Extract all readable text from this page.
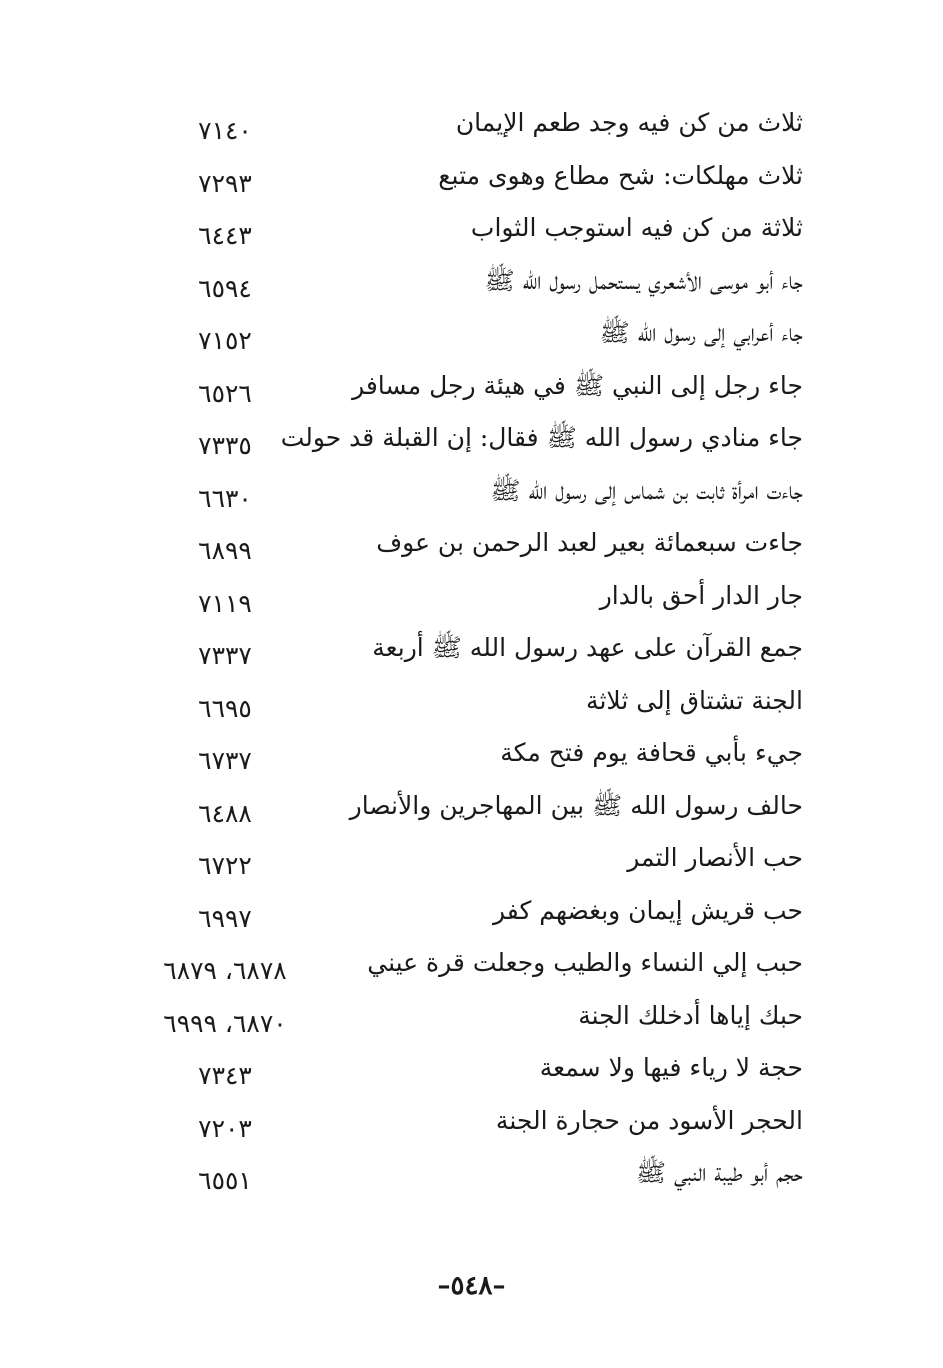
ثلاث من كن فيه وجد طعم الإيمان
٧١٤٠
ثلاث مهلكات: شح مطاع وهوى متبع
٧٢٩٣
ثلاثة من كن فيه استوجب الثواب
٦٤٤٣
جاء أبو موسى الأشعري يستحمل رسول الله ﷺ
٦٥٩٤
جاء أعرابي إلى رسول الله ﷺ
٧١٥٢
جاء رجل إلى النبي ﷺ في هيئة رجل مسافر
٦٥٢٦
جاء منادي رسول الله ﷺ فقال: إن القبلة قد حولت
٧٣٣٥
جاءت امرأة ثابت بن شماس إلى رسول الله ﷺ
٦٦٣٠
جاءت سبعمائة بعير لعبد الرحمن بن عوف
٦٨٩٩
جار الدار أحق بالدار
٧١١٩
جمع القرآن على عهد رسول الله ﷺ أربعة
٧٣٣٧
الجنة تشتاق إلى ثلاثة
٦٦٩٥
جيء بأبي قحافة يوم فتح مكة
٦٧٣٧
حالف رسول الله ﷺ بين المهاجرين والأنصار
٦٤٨٨
حب الأنصار التمر
٦٧٢٢
حب قريش إيمان وبغضهم كفر
٦٩٩٧
حبب إلي النساء والطيب وجعلت قرة عيني
٦٨٧٨، ٦٨٧٩
حبك إياها أدخلك الجنة
٦٨٧٠، ٦٩٩٩
حجة لا رياء فيها ولا سمعة
٧٣٤٣
الحجر الأسود من حجارة الجنة
٧٢٠٣
حجم أبو طيبة النبي ﷺ
٦٥٥١
–٥٤٨–
